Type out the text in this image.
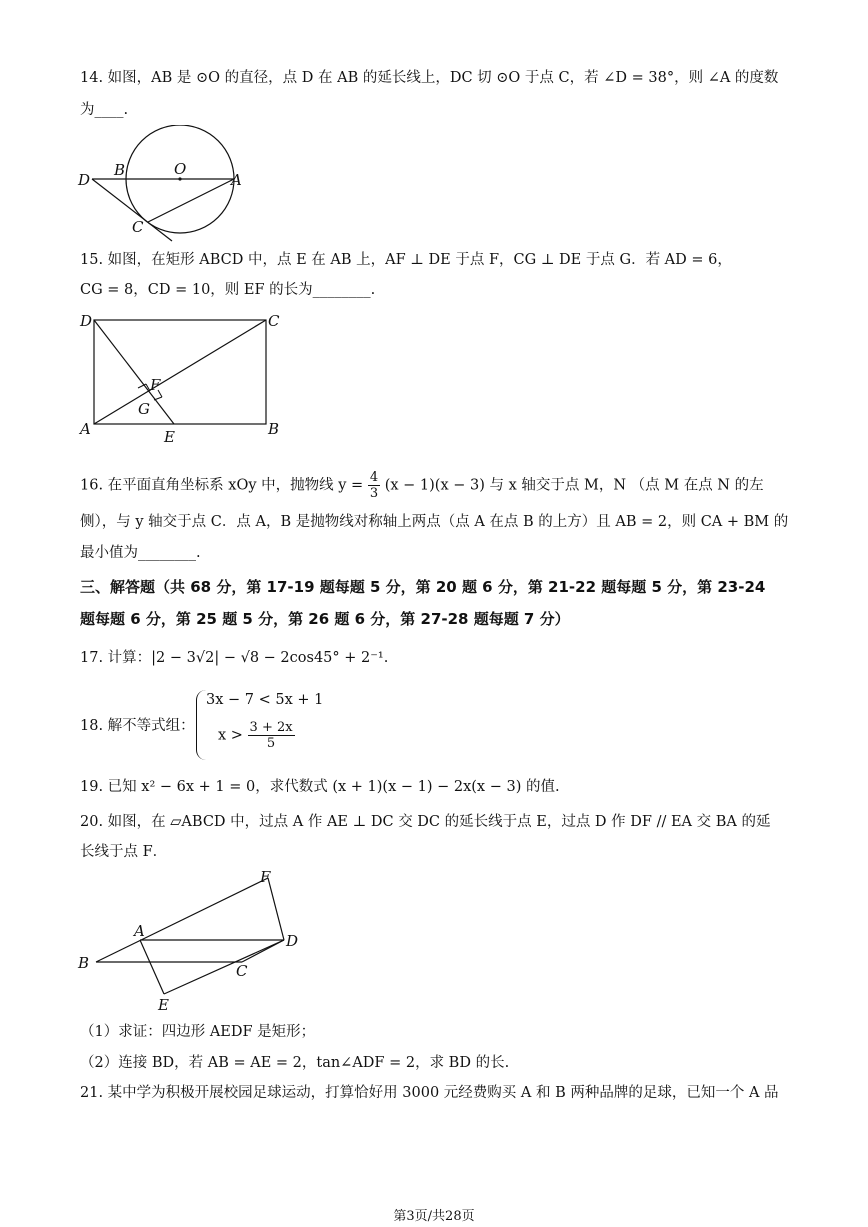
14. 如图，AB 是 ⊙O 的直径，点 D 在 AB 的延长线上，DC 切 ⊙O 于点 C，若 ∠D = 38°，则 ∠A 的度数
为____.
D
B	O
A
C
15. 如图，在矩形 ABCD 中，点 E 在 AB 上，AF ⊥ DE 于点 F，CG ⊥ DE 于点 G．若 AD = 6，
CG = 8，CD = 10，则 EF 的长为________.
D	C
A	B
E
F
G
16. 在平面直角坐标系 xOy 中，抛物线 $y = \frac{4}{3} (x - 1)(x - 3)$ 与 x 轴交于点 M，N （点 M 在点 N 的左
侧），与 y 轴交于点 C．点 A，B 是抛物线对称轴上两点（点 A 在点 B 的上方）且 AB = 2，则 CA + BM 的
最小值为________.
三、解答题（共 68 分，第 17-19 题每题 5 分，第 20 题 6 分，第 21-22 题每题 5 分，第 23-24
题每题 6 分，第 25 题 5 分，第 26 题 6 分，第 27-28 题每题 7 分）
17. 计算：|2 − 3√2| − √8 − 2cos45° + 2⁻¹.
18. 解不等式组：
3x − 7 < 5x + 1
$x > \frac{3 + 2x}{5}$
19. 已知 x² − 6x + 1 = 0，求代数式 (x + 1)(x − 1) − 2x(x − 3) 的值.
20. 如图，在 ▱ABCD 中，过点 A 作 AE ⊥ DC 交 DC 的延长线于点 E，过点 D 作 DF // EA 交 BA 的延
长线于点 F．
F
A
D
B	C
E
（1）求证：四边形 AEDF 是矩形；
（2）连接 BD，若 AB = AE = 2，tan∠ADF = 2，求 BD 的长.
21. 某中学为积极开展校园足球运动，打算恰好用 3000 元经费购买 A 和 B 两种品牌的足球，已知一个 A 品
第3页/共28页
